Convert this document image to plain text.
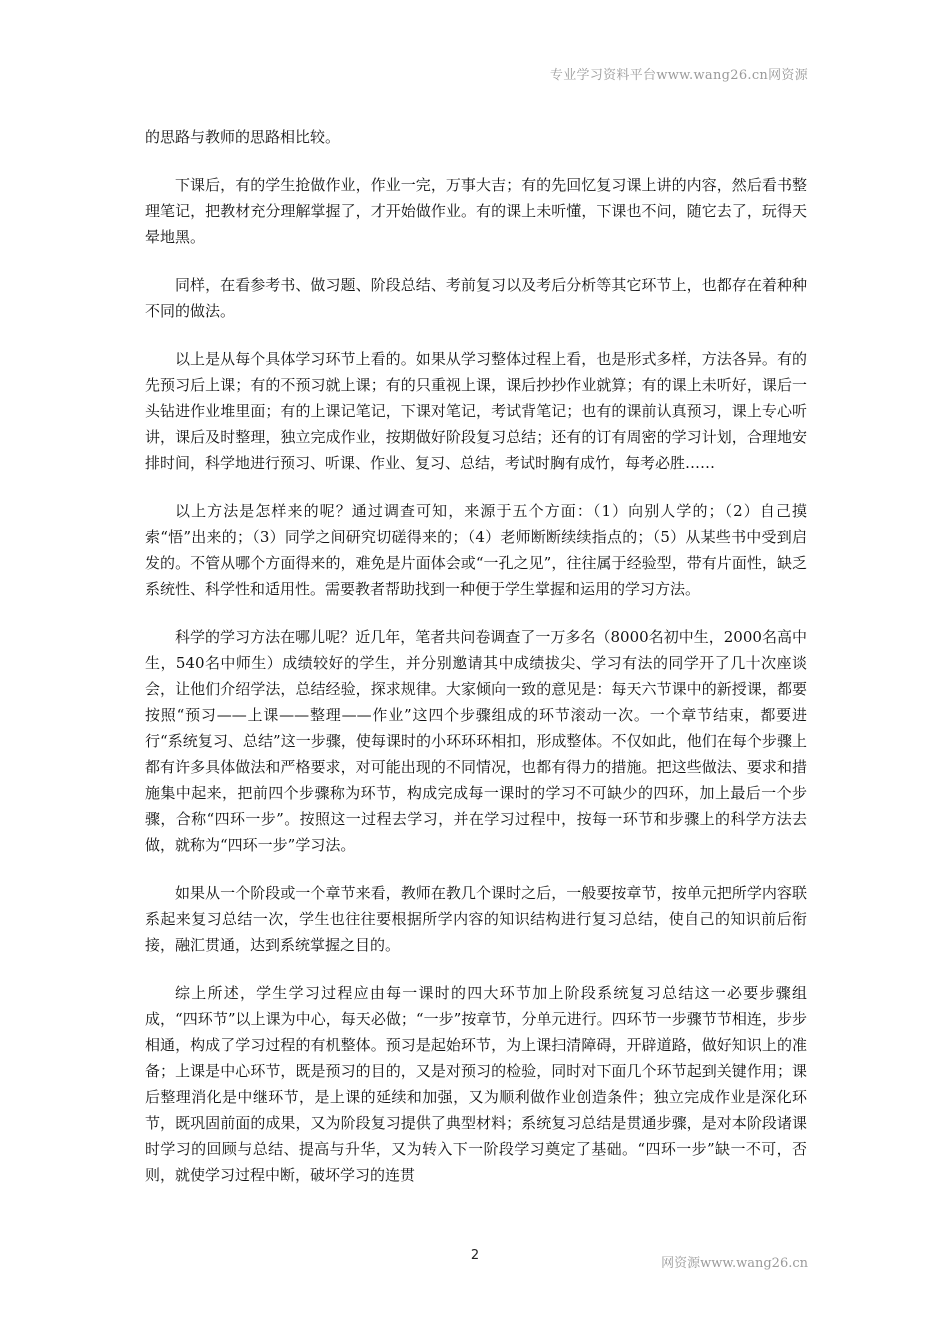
专业学习资料平台www.wang26.cn网资源

的思路与教师的思路相比较。

下课后，有的学生抢做作业，作业一完，万事大吉；有的先回忆复习课上讲的内容，然后看书整理笔记，把教材充分理解掌握了，才开始做作业。有的课上未听懂，下课也不问，随它去了，玩得天晕地黑。

同样，在看参考书、做习题、阶段总结、考前复习以及考后分析等其它环节上，也都存在着种种不同的做法。

以上是从每个具体学习环节上看的。如果从学习整体过程上看，也是形式多样，方法各异。有的先预习后上课；有的不预习就上课；有的只重视上课，课后抄抄作业就算；有的课上未听好，课后一头钻进作业堆里面；有的上课记笔记，下课对笔记，考试背笔记；也有的课前认真预习，课上专心听讲，课后及时整理，独立完成作业，按期做好阶段复习总结；还有的订有周密的学习计划，合理地安排时间，科学地进行预习、听课、作业、复习、总结，考试时胸有成竹，每考必胜……

以上方法是怎样来的呢？通过调查可知，来源于五个方面：（1）向别人学的；（2）自己摸索“悟”出来的；（3）同学之间研究切磋得来的；（4）老师断断续续指点的；（5）从某些书中受到启发的。不管从哪个方面得来的，难免是片面体会或“一孔之见”，往往属于经验型，带有片面性，缺乏系统性、科学性和适用性。需要教者帮助找到一种便于学生掌握和运用的学习方法。

科学的学习方法在哪儿呢？近几年，笔者共问卷调查了一万多名（8000名初中生，2000名高中生，540名中师生）成绩较好的学生，并分别邀请其中成绩拔尖、学习有法的同学开了几十次座谈会，让他们介绍学法，总结经验，探求规律。大家倾向一致的意见是：每天六节课中的新授课，都要按照“预习——上课——整理——作业”这四个步骤组成的环节滚动一次。一个章节结束，都要进行“系统复习、总结”这一步骤，使每课时的小环环环相扣，形成整体。不仅如此，他们在每个步骤上都有许多具体做法和严格要求，对可能出现的不同情况，也都有得力的措施。把这些做法、要求和措施集中起来，把前四个步骤称为环节，构成完成每一课时的学习不可缺少的四环，加上最后一个步骤，合称“四环一步”。按照这一过程去学习，并在学习过程中，按每一环节和步骤上的科学方法去做，就称为“四环一步”学习法。

如果从一个阶段或一个章节来看，教师在教几个课时之后，一般要按章节，按单元把所学内容联系起来复习总结一次，学生也往往要根据所学内容的知识结构进行复习总结，使自己的知识前后衔接，融汇贯通，达到系统掌握之目的。

综上所述，学生学习过程应由每一课时的四大环节加上阶段系统复习总结这一必要步骤组成，“四环节”以上课为中心，每天必做；“一步”按章节，分单元进行。四环节一步骤节节相连，步步相通，构成了学习过程的有机整体。预习是起始环节，为上课扫清障碍，开辟道路，做好知识上的准备；上课是中心环节，既是预习的目的，又是对预习的检验，同时对下面几个环节起到关键作用；课后整理消化是中继环节，是上课的延续和加强，又为顺利做作业创造条件；独立完成作业是深化环节，既巩固前面的成果，又为阶段复习提供了典型材料；系统复习总结是贯通步骤，是对本阶段诸课时学习的回顾与总结、提高与升华，又为转入下一阶段学习奠定了基础。“四环一步”缺一不可，否则，就使学习过程中断，破坏学习的连贯

2
网资源www.wang26.cn
